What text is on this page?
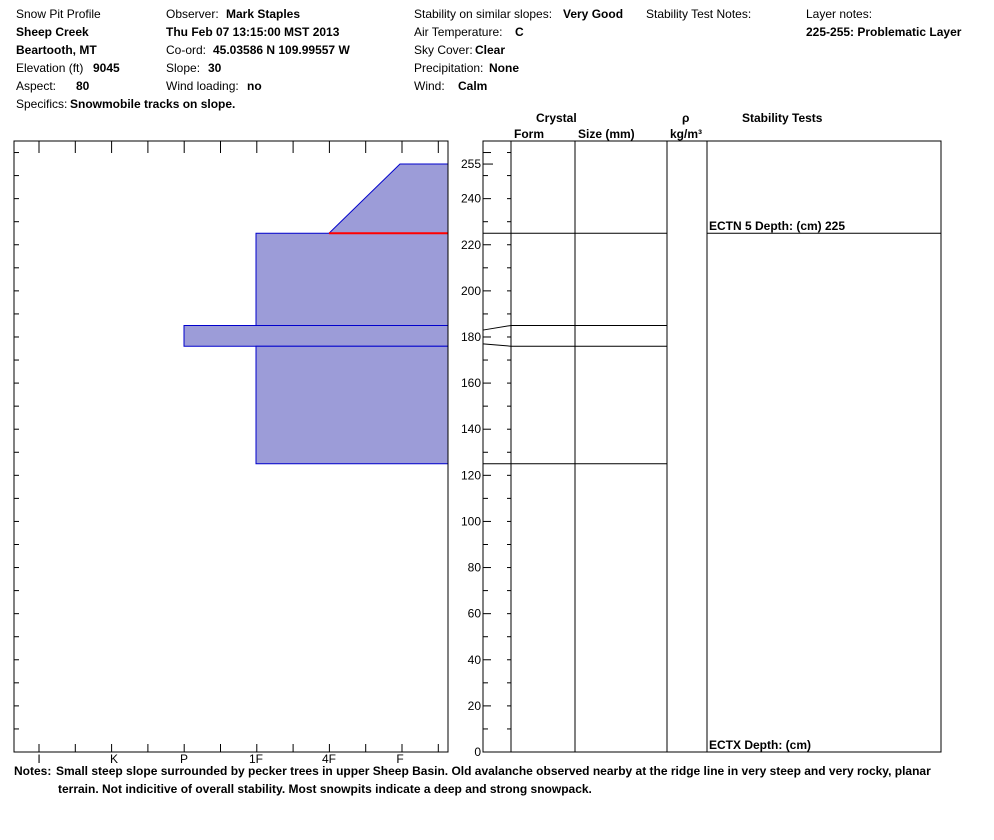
Snow Pit Profile
Sheep Creek
Beartooth, MT
Elevation (ft) 9045
Aspect: 80
Specifics: Snowmobile tracks on slope.
Observer: Mark Staples
Thu Feb 07 13:15:00 MST 2013
Co-ord: 45.03586 N 109.99557 W
Slope: 30
Wind loading: no
Stability on similar slopes: Very Good
Air Temperature: C
Sky Cover: Clear
Precipitation: None
Wind: Calm
Stability Test Notes:	Layer notes:
225-255: Problematic Layer
Crystal
Form	Size (mm)
ρ
kg/m³
Stability Tests
I	K	P	1F	4F	F
255
240
220
200
180
160
140
120
100
80
60
40
20
0
ECTN 5 Depth: (cm) 225
ECTX Depth: (cm)
Notes: Small steep slope surrounded by pecker trees in upper Sheep Basin. Old avalanche observed nearby at the ridge line in very steep and very rocky, planar
terrain. Not indicitive of overall stability. Most snowpits indicate a deep and strong snowpack.
